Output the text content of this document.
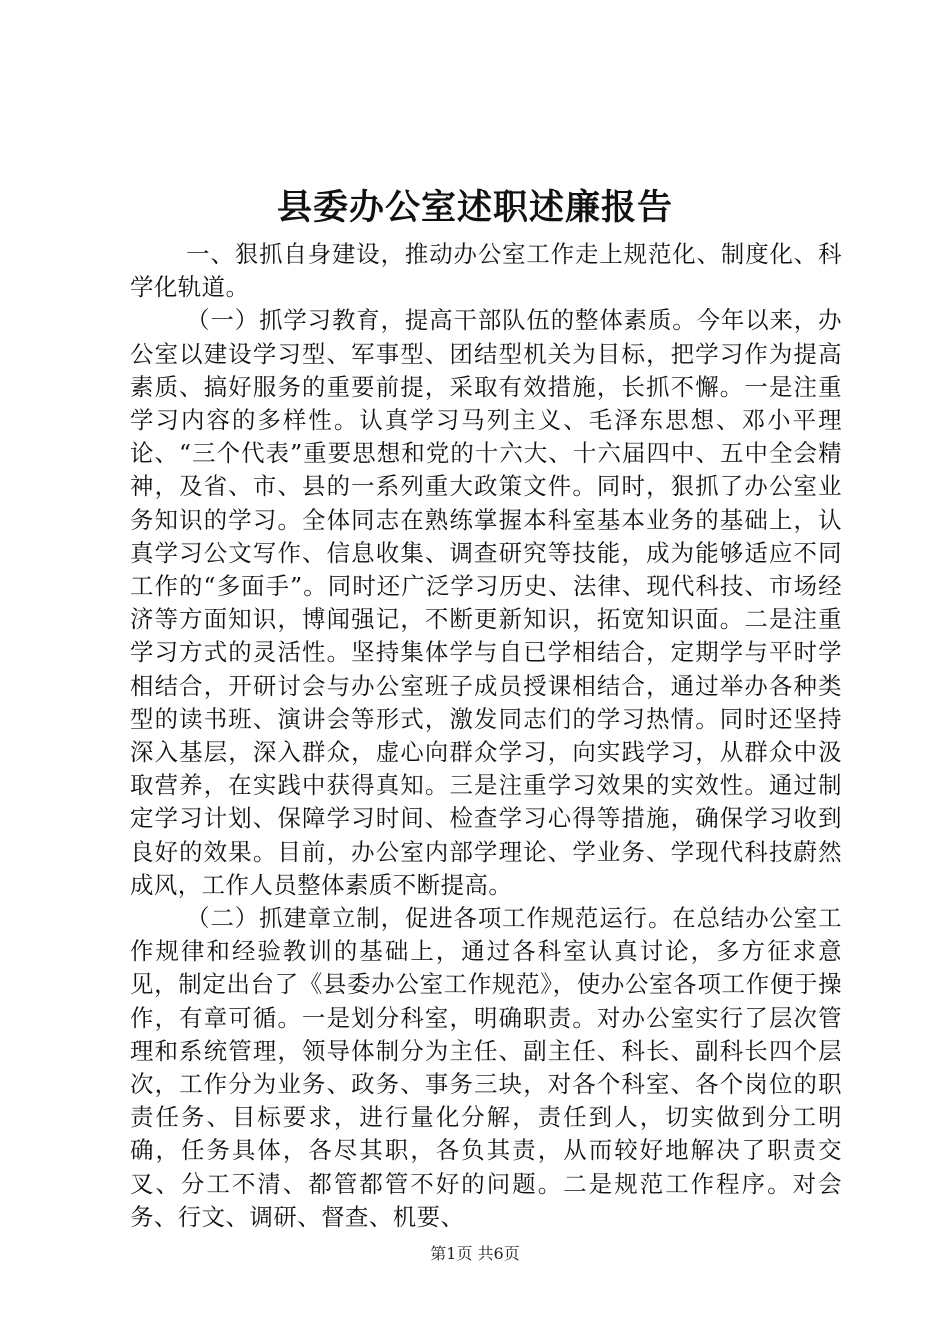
县委办公室述职述廉报告

一、狠抓自身建设，推动办公室工作走上规范化、制度化、科学化轨道。

（一）抓学习教育，提高干部队伍的整体素质。今年以来，办公室以建设学习型、军事型、团结型机关为目标，把学习作为提高素质、搞好服务的重要前提，采取有效措施，长抓不懈。一是注重学习内容的多样性。认真学习马列主义、毛泽东思想、邓小平理论、“三个代表”重要思想和党的十六大、十六届四中、五中全会精神，及省、市、县的一系列重大政策文件。同时，狠抓了办公室业务知识的学习。全体同志在熟练掌握本科室基本业务的基础上，认真学习公文写作、信息收集、调查研究等技能，成为能够适应不同工作的“多面手”。同时还广泛学习历史、法律、现代科技、市场经济等方面知识，博闻强记，不断更新知识，拓宽知识面。二是注重学习方式的灵活性。坚持集体学与自已学相结合，定期学与平时学相结合，开研讨会与办公室班子成员授课相结合，通过举办各种类型的读书班、演讲会等形式，激发同志们的学习热情。同时还坚持深入基层，深入群众，虚心向群众学习，向实践学习，从群众中汲取营养，在实践中获得真知。三是注重学习效果的实效性。通过制定学习计划、保障学习时间、检查学习心得等措施，确保学习收到良好的效果。目前，办公室内部学理论、学业务、学现代科技蔚然成风，工作人员整体素质不断提高。

（二）抓建章立制，促进各项工作规范运行。在总结办公室工作规律和经验教训的基础上，通过各科室认真讨论，多方征求意见，制定出台了《县委办公室工作规范》，使办公室各项工作便于操作，有章可循。一是划分科室，明确职责。对办公室实行了层次管理和系统管理，领导体制分为主任、副主任、科长、副科长四个层次，工作分为业务、政务、事务三块，对各个科室、各个岗位的职责任务、目标要求，进行量化分解，责任到人，切实做到分工明确，任务具体，各尽其职，各负其责，从而较好地解决了职责交叉、分工不清、都管都管不好的问题。二是规范工作程序。对会务、行文、调研、督查、机要、

第1页 共6页
